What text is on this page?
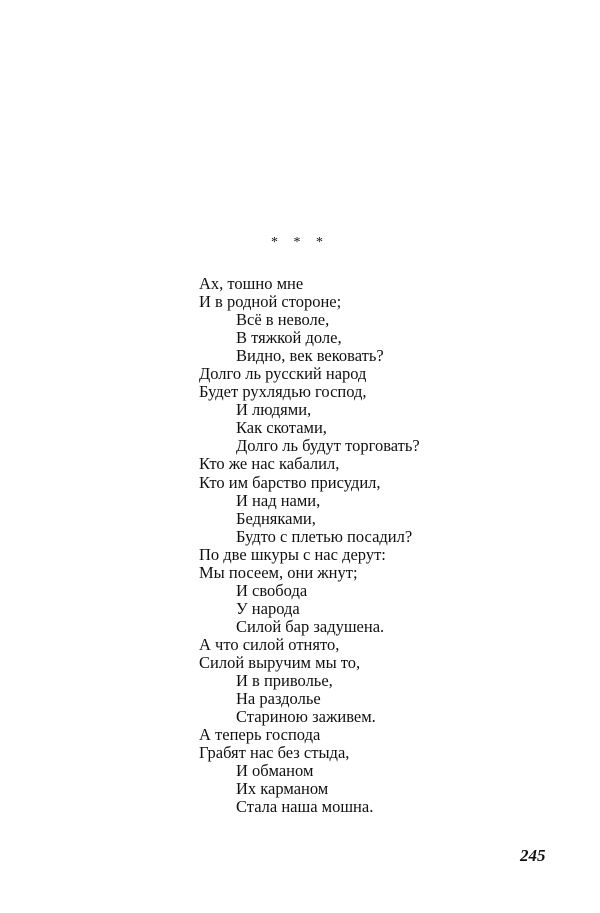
* * *
Ах, тошно мне
И в родной стороне;
Всё в неволе,
В тяжкой доле,
Видно, век вековать?
Долго ль русский народ
Будет рухлядью господ,
И людями,
Как скотами,
Долго ль будут торговать?
Кто же нас кабалил,
Кто им барство присудил,
И над нами,
Бедняками,
Будто с плетью посадил?
По две шкуры с нас дерут:
Мы посеем, они жнут;
И свобода
У народа
Силой бар задушена.
А что силой отнято,
Силой выручим мы то,
И в приволье,
На раздолье
Стариною заживем.
А теперь господа
Грабят нас без стыда,
И обманом
Их карманом
Стала наша мошна.
245
